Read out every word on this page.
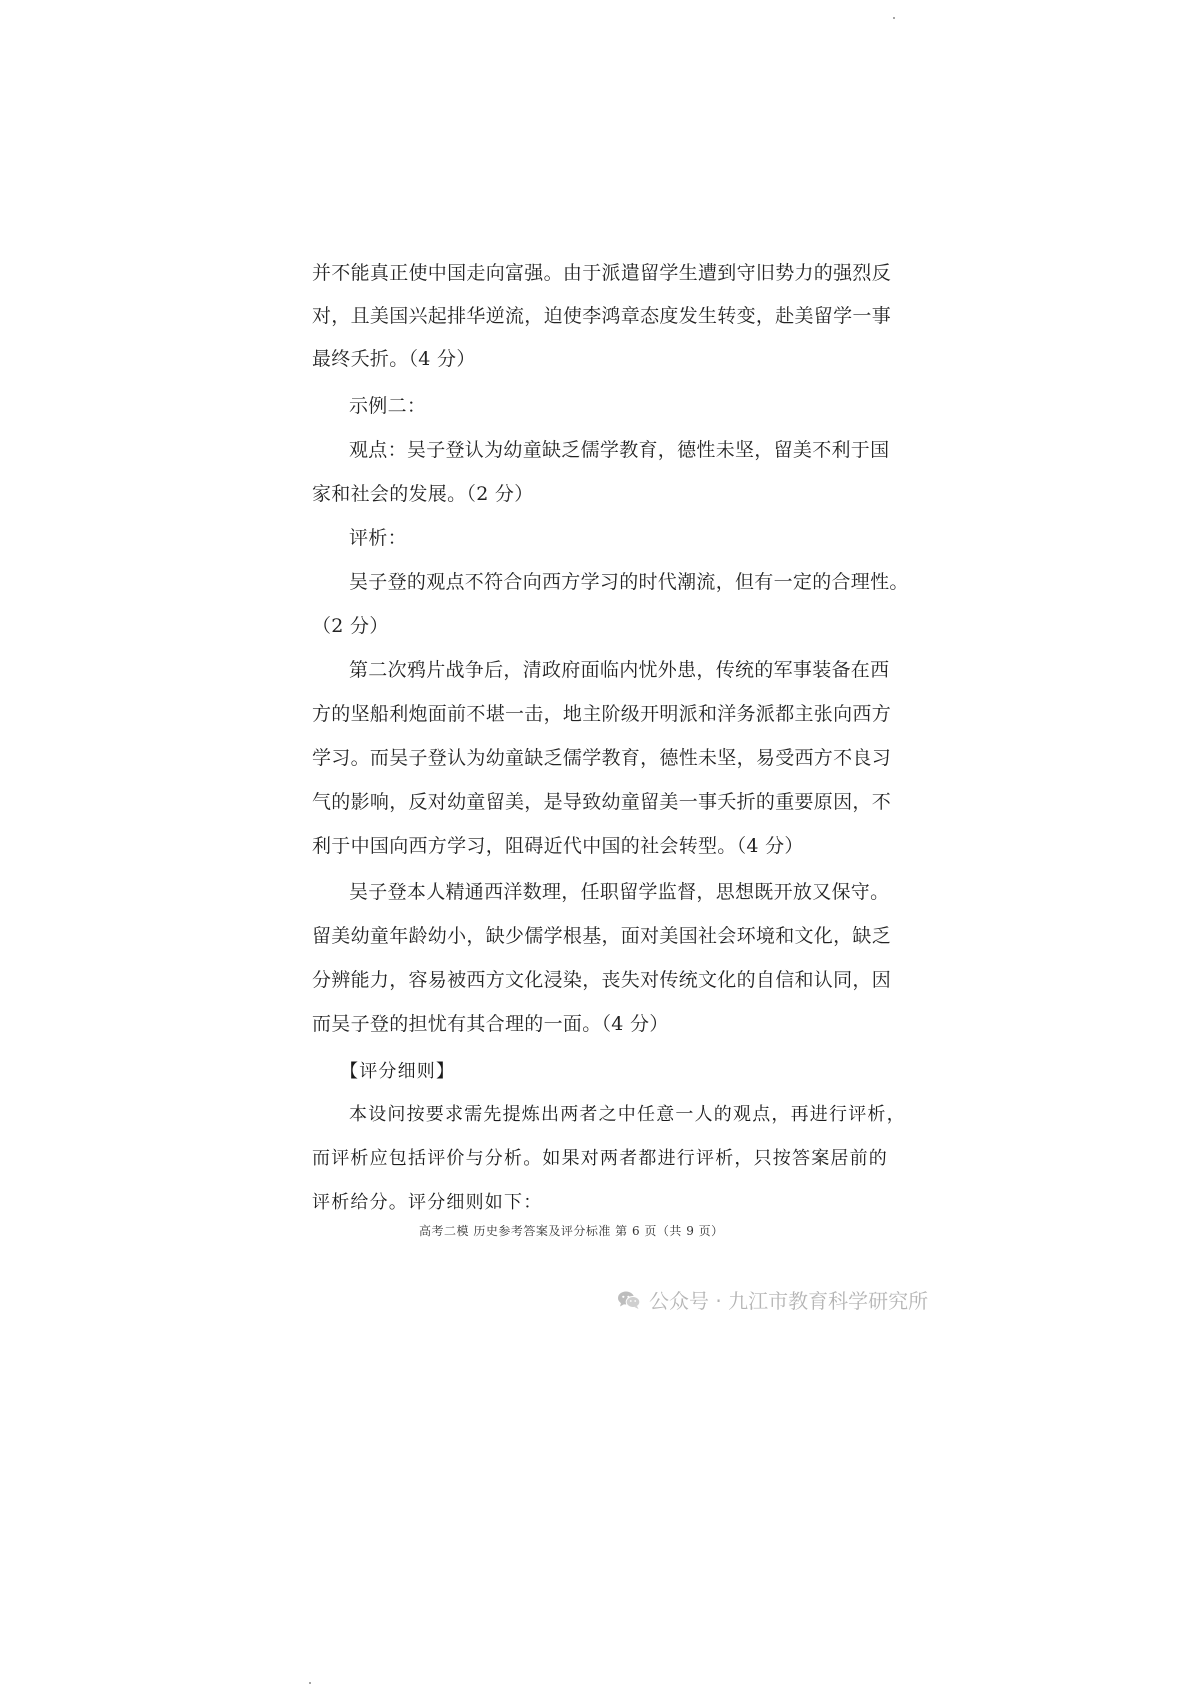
并不能真正使中国走向富强。由于派遣留学生遭到守旧势力的强烈反
对，且美国兴起排华逆流，迫使李鸿章态度发生转变，赴美留学一事
最终夭折。（4 分）
示例二：
观点：吴子登认为幼童缺乏儒学教育，德性未坚，留美不利于国
家和社会的发展。（2 分）
评析：
吴子登的观点不符合向西方学习的时代潮流，但有一定的合理性。
（2 分）
第二次鸦片战争后，清政府面临内忧外患，传统的军事装备在西
方的坚船利炮面前不堪一击，地主阶级开明派和洋务派都主张向西方
学习。而吴子登认为幼童缺乏儒学教育，德性未坚，易受西方不良习
气的影响，反对幼童留美，是导致幼童留美一事夭折的重要原因，不
利于中国向西方学习，阻碍近代中国的社会转型。（4 分）
吴子登本人精通西洋数理，任职留学监督，思想既开放又保守。
留美幼童年龄幼小，缺少儒学根基，面对美国社会环境和文化，缺乏
分辨能力，容易被西方文化浸染，丧失对传统文化的自信和认同，因
而吴子登的担忧有其合理的一面。（4 分）
【评分细则】
本设问按要求需先提炼出两者之中任意一人的观点，再进行评析，
而评析应包括评价与分析。如果对两者都进行评析，只按答案居前的
评析给分。评分细则如下：
高考二模 历史参考答案及评分标准 第 6 页（共 9 页）
公众号 · 九江市教育科学研究所
